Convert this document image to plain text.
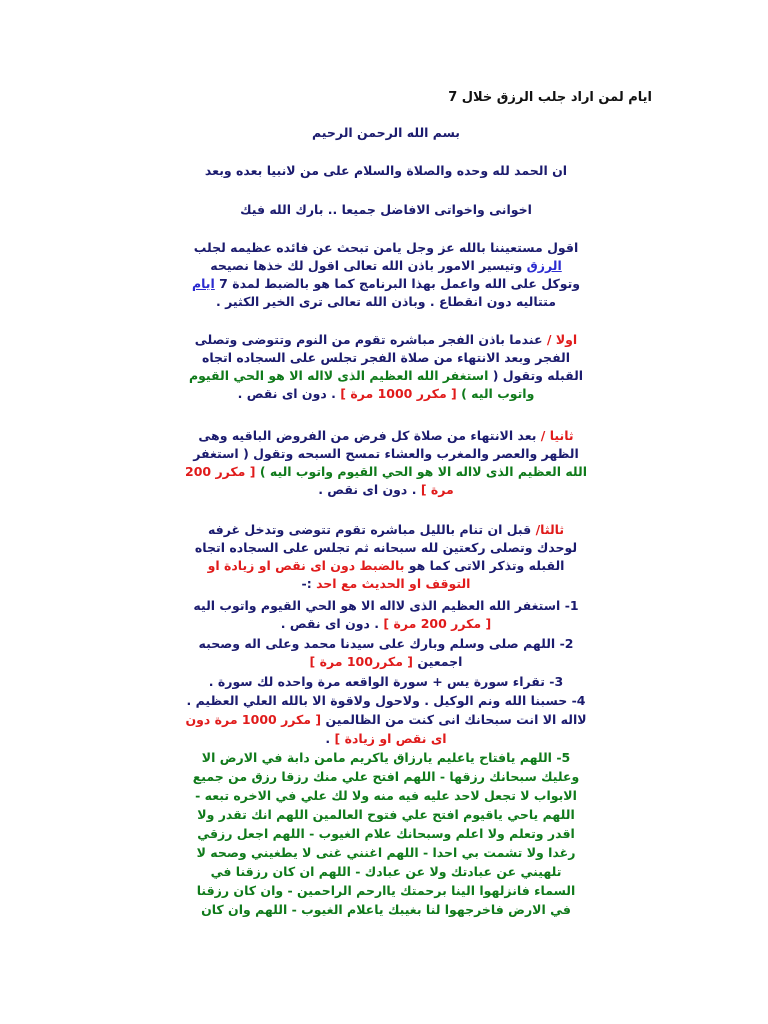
ايام لمن اراد جلب الرزق خلال 7
بسم الله الرحمن الرحيم
ان الحمد لله وحده والصلاة والسلام على من لانبيا بعده وبعد
اخوانى واخواتى الافاضل جميعا .. بارك الله فيك
اقول مستعيننا بالله عز وجل يامن تبحث عن فائده عظيمه لجلب
الرزق وتيسير الامور باذن الله تعالى اقول لك خذها نصيحه
وتوكل على الله واعمل بهذا البرنامج كما هو بالضبط لمدة 7 ايام
متتاليه دون انقطاع . وباذن الله تعالى ترى الخير الكثير .
اولا / عندما باذن الفجر مباشره تقوم من النوم وتتوضى وتصلى
الفجر وبعد الانتهاء من صلاة الفجر تجلس على السجاده اتجاه
القبله وتقول ( استغفر الله العظيم الذى لااله الا هو الحي القيوم
واتوب اليه ) [ مكرر 1000 مرة ] . دون اى نقص .
ثانيا / بعد الانتهاء من صلاة كل فرض من الفروض الباقيه وهى
الظهر والعصر والمغرب والعشاء تمسح السبحه وتقول ( استغفر
الله العظيم الذى لااله الا هو الحي القيوم واتوب اليه ) [ مكرر 200
مرة ] . دون اى نقص .
ثالثا/ قبل ان تنام بالليل مباشره تقوم تتوضى وتدخل غرفه
لوحدك وتصلى ركعتين لله سبحانه ثم تجلس على السجاده اتجاه
القبله وتذكر الاتى كما هو بالضبط دون اى نقص او زيادة او
التوقف او الحديث مع احد :-
1- استغفر الله العظيم الذى لااله الا هو الحي القيوم واتوب اليه
[ مكرر 200 مرة ] . دون اى نقص .
2- اللهم صلى وسلم وبارك على سيدنا محمد وعلى اله وصحبه
اجمعين [ مكرر100 مرة ]
3- تقراء سورة يس + سورة الواقعه مرة واحده لك سورة .
4- حسبنا الله ونم الوكيل . ولاحول ولاقوة الا بالله العلي العظيم .
لااله الا انت سبحانك انى كنت من الظالمين [ مكرر 1000 مرة دون
اى نقص او زيادة ] .
5- اللهم يافتاح ياعليم يارزاق ياكريم مامن دابة في الارض الا
وعليك سبحانك رزقها - اللهم افتح علي منك رزقا رزق من جميع
الابواب لا تجعل لاحد عليه فيه منه ولا لك علي في الاخره تبعه -
اللهم ياحي ياقيوم افتح علي فتوح العالمين اللهم انك تقدر ولا
اقدر وتعلم ولا اعلم وسبحانك علام الغيوب - اللهم اجعل رزقي
رغدا ولا تشمت بي احدا - اللهم اغنني غنى لا يطغيني وصحه لا
تلهيني عن عبادتك ولا عن عبادك - اللهم ان كان رزقنا في
السماء فانزلهوا الينا برحمتك ياارحم الراحمين - وان كان رزقنا
في الارض فاخرجهوا لنا بغيبك ياعلام الغيوب - اللهم وان كان
